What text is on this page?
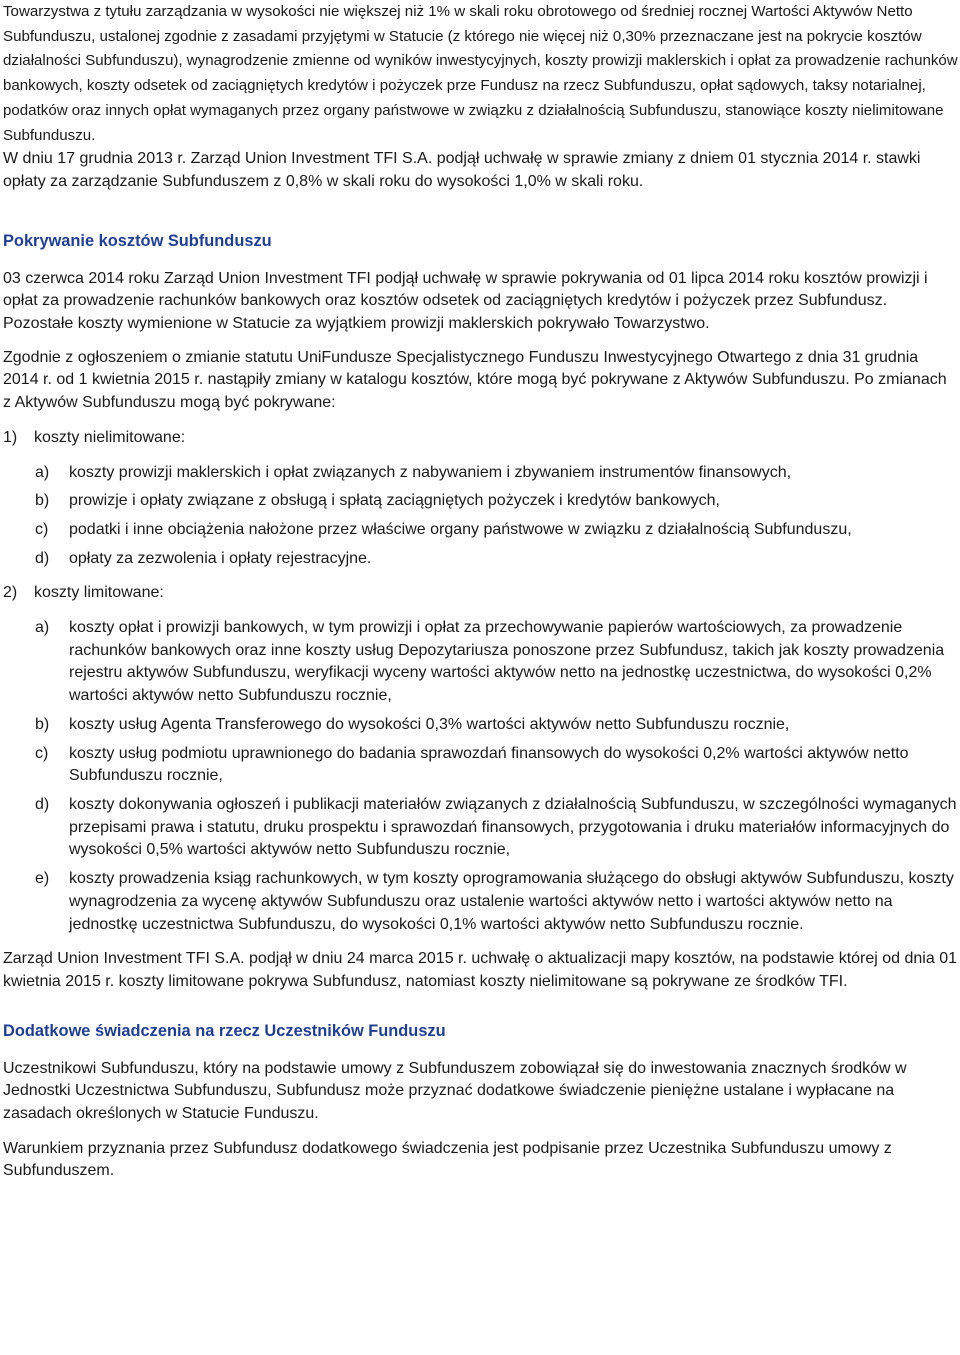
Towarzystwa z tytułu zarządzania w wysokości nie większej niż 1% w skali roku obrotowego od średniej rocznej Wartości Aktywów Netto Subfunduszu, ustalonej zgodnie z zasadami przyjętymi w Statucie (z którego nie więcej niż 0,30% przeznaczane jest na pokrycie kosztów działalności Subfunduszu), wynagrodzenie zmienne od wyników inwestycyjnych, koszty prowizji maklerskich i opłat za prowadzenie rachunków bankowych, koszty odsetek od zaciągniętych kredytów i pożyczek prze Fundusz na rzecz Subfunduszu, opłat sądowych, taksy notarialnej, podatków oraz innych opłat wymaganych przez organy państwowe w związku z działalnością Subfunduszu, stanowiące koszty nielimitowane Subfunduszu.

W dniu 17 grudnia 2013 r. Zarząd Union Investment TFI S.A. podjął uchwałę w sprawie zmiany z dniem 01 stycznia 2014 r. stawki opłaty za zarządzanie Subfunduszem z 0,8% w skali roku do wysokości 1,0% w skali roku.

Pokrywanie kosztów Subfunduszu

03 czerwca 2014 roku Zarząd Union Investment TFI podjął uchwałę w sprawie pokrywania od 01 lipca 2014 roku kosztów prowizji i opłat za prowadzenie rachunków bankowych oraz kosztów odsetek od zaciągniętych kredytów i pożyczek przez Subfundusz. Pozostałe koszty wymienione w Statucie za wyjątkiem prowizji maklerskich pokrywało Towarzystwo.

Zgodnie z ogłoszeniem o zmianie statutu UniFundusze Specjalistycznego Funduszu Inwestycyjnego Otwartego z dnia 31 grudnia 2014 r. od 1 kwietnia 2015 r. nastąpiły zmiany w katalogu kosztów, które mogą być pokrywane z Aktywów Subfunduszu. Po zmianach z Aktywów Subfunduszu mogą być pokrywane:

1) koszty nielimitowane:
a) koszty prowizji maklerskich i opłat związanych z nabywaniem i zbywaniem instrumentów finansowych,
b) prowizje i opłaty związane z obsługą i spłatą zaciągniętych pożyczek i kredytów bankowych,
c) podatki i inne obciążenia nałożone przez właściwe organy państwowe w związku z działalnością Subfunduszu,
d) opłaty za zezwolenia i opłaty rejestracyjne.
2) koszty limitowane:
a) koszty opłat i prowizji bankowych, w tym prowizji i opłat za przechowywanie papierów wartościowych, za prowadzenie rachunków bankowych oraz inne koszty usług Depozytariusza ponoszone przez Subfundusz, takich jak koszty prowadzenia rejestru aktywów Subfunduszu, weryfikacji wyceny wartości aktywów netto na jednostkę uczestnictwa, do wysokości 0,2% wartości aktywów netto Subfunduszu rocznie,
b) koszty usług Agenta Transferowego do wysokości 0,3% wartości aktywów netto Subfunduszu rocznie,
c) koszty usług podmiotu uprawnionego do badania sprawozdań finansowych do wysokości 0,2% wartości aktywów netto Subfunduszu rocznie,
d) koszty dokonywania ogłoszeń i publikacji materiałów związanych z działalnością Subfunduszu, w szczególności wymaganych przepisami prawa i statutu, druku prospektu i sprawozdań finansowych, przygotowania i druku materiałów informacyjnych do wysokości 0,5% wartości aktywów netto Subfunduszu rocznie,
e) koszty prowadzenia ksiąg rachunkowych, w tym koszty oprogramowania służącego do obsługi aktywów Subfunduszu, koszty wynagrodzenia za wycenę aktywów Subfunduszu oraz ustalenie wartości aktywów netto i wartości aktywów netto na jednostkę uczestnictwa Subfunduszu, do wysokości 0,1% wartości aktywów netto Subfunduszu rocznie.

Zarząd Union Investment TFI S.A. podjął w dniu 24 marca 2015 r. uchwałę o aktualizacji mapy kosztów, na podstawie której od dnia 01 kwietnia 2015 r. koszty limitowane pokrywa Subfundusz, natomiast koszty nielimitowane są pokrywane ze środków TFI.

Dodatkowe świadczenia na rzecz Uczestników Funduszu

Uczestnikowi Subfunduszu, który na podstawie umowy z Subfunduszem zobowiązał się do inwestowania znacznych środków w Jednostki Uczestnictwa Subfunduszu, Subfundusz może przyznać dodatkowe świadczenie pieniężne ustalane i wypłacane na zasadach określonych w Statucie Funduszu.

Warunkiem przyznania przez Subfundusz dodatkowego świadczenia jest podpisanie przez Uczestnika Subfunduszu umowy z Subfunduszem.
